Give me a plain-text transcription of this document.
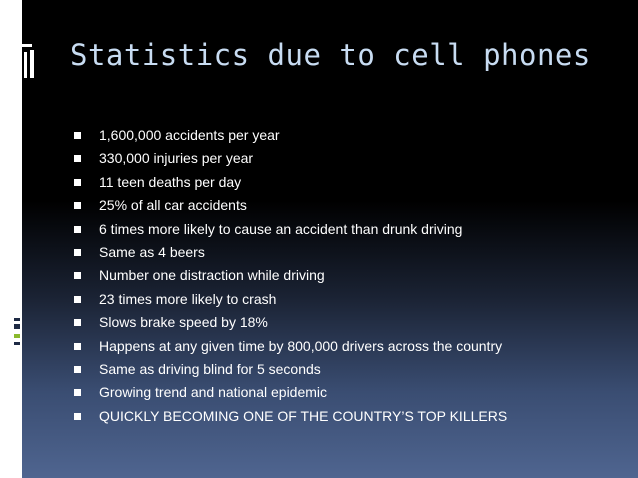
Statistics due to cell phones
1,600,000 accidents per year
330,000 injuries per year
11 teen deaths per day
25% of all car accidents
6 times more likely to cause an accident than drunk driving
Same as 4 beers
Number one distraction while driving
23 times more likely to crash
Slows brake speed by 18%
Happens at any given time by 800,000 drivers across the country
Same as driving blind for 5 seconds
Growing trend and national epidemic
QUICKLY BECOMING ONE OF THE COUNTRY’S TOP KILLERS
